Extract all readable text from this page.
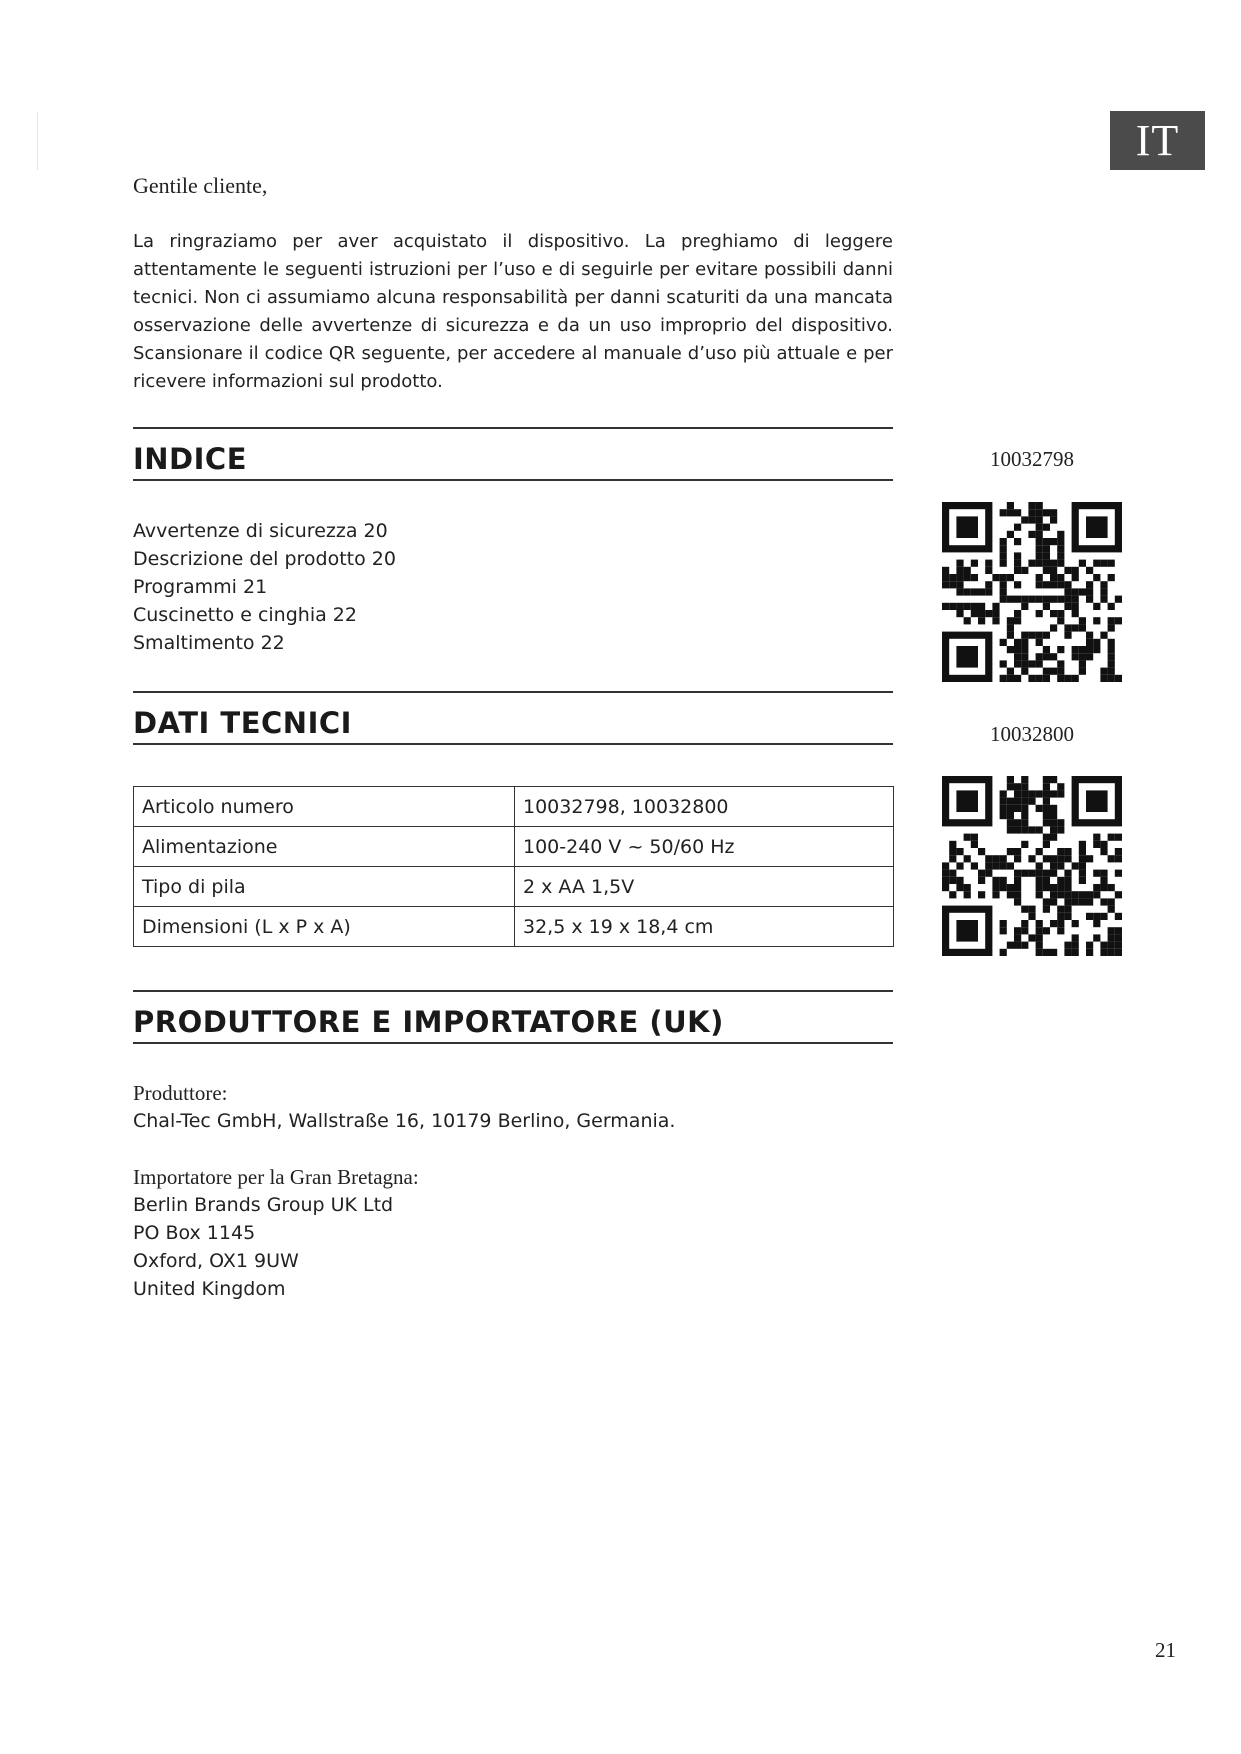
IT
Gentile cliente,

La ringraziamo per aver acquistato il dispositivo. La preghiamo di leggere attentamente le seguenti istruzioni per l’uso e di seguirle per evitare possibili danni tecnici. Non ci assumiamo alcuna responsabilità per danni scaturiti da una mancata osservazione delle avvertenze di sicurezza e da un uso improprio del dispositivo. Scansionare il codice QR seguente, per accedere al manuale d’uso più attuale e per ricevere informazioni sul prodotto.

INDICE
Avvertenze di sicurezza 20
Descrizione del prodotto 20
Programmi 21
Cuscinetto e cinghia 22
Smaltimento 22
DATI TECNICI
Articolo numero	10032798, 10032800
Alimentazione	100-240 V ~ 50/60 Hz
Tipo di pila	2 x AA 1,5V
Dimensioni (L x P x A)	32,5 x 19 x 18,4 cm
PRODUTTORE E IMPORTATORE (UK)
Produttore:
Chal-Tec GmbH, Wallstraße 16, 10179 Berlino, Germania.
Importatore per la Gran Bretagna:
Berlin Brands Group UK Ltd
PO Box 1145
Oxford, OX1 9UW
United Kingdom
10032798
10032800
21
